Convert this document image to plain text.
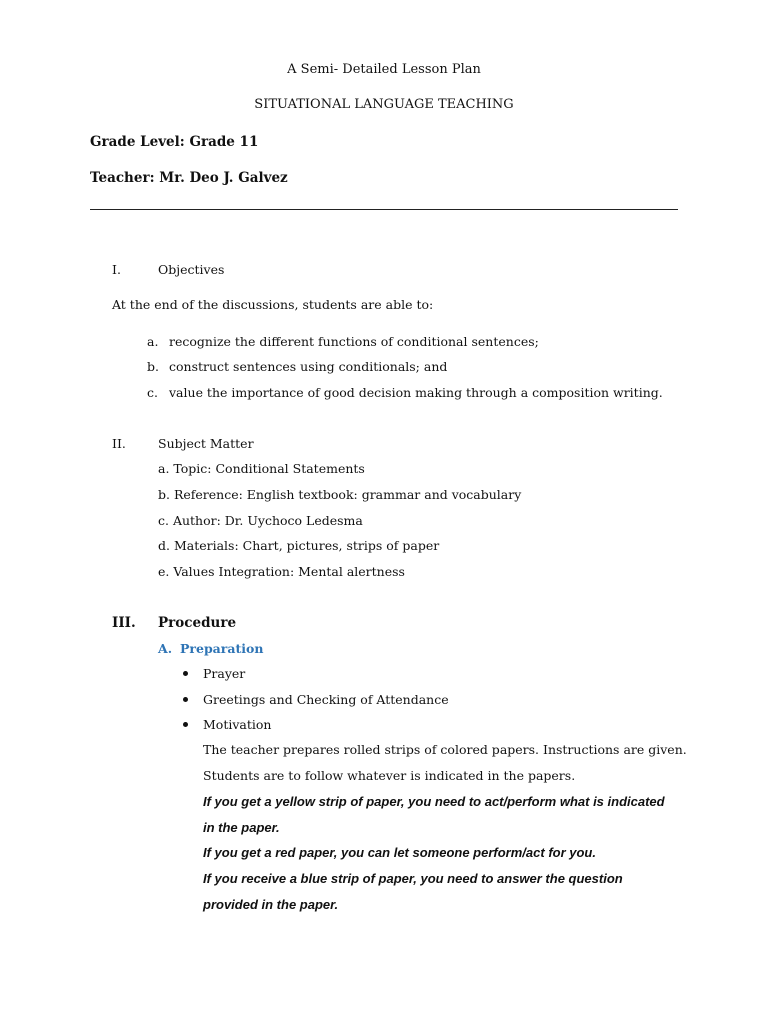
A Semi- Detailed Lesson Plan
SITUATIONAL LANGUAGE TEACHING
Grade Level: Grade 11
Teacher: Mr. Deo J. Galvez
I.	Objectives
At the end of the discussions, students are able to:
a. recognize the different functions of conditional sentences;
b. construct sentences using conditionals; and
c. value the importance of good decision making through a composition writing.
II.	Subject Matter
a. Topic: Conditional Statements
b. Reference: English textbook: grammar and vocabulary
c. Author: Dr. Uychoco Ledesma
d. Materials: Chart, pictures, strips of paper
e. Values Integration: Mental alertness
III. Procedure
A. Preparation
Prayer
Greetings and Checking of Attendance
Motivation
The teacher prepares rolled strips of colored papers. Instructions are given.
Students are to follow whatever is indicated in the papers.
If you get a yellow strip of paper, you need to act/perform what is indicated
in the paper.
If you get a red paper, you can let someone perform/act for you.
If you receive a blue strip of paper, you need to answer the question
provided in the paper.
